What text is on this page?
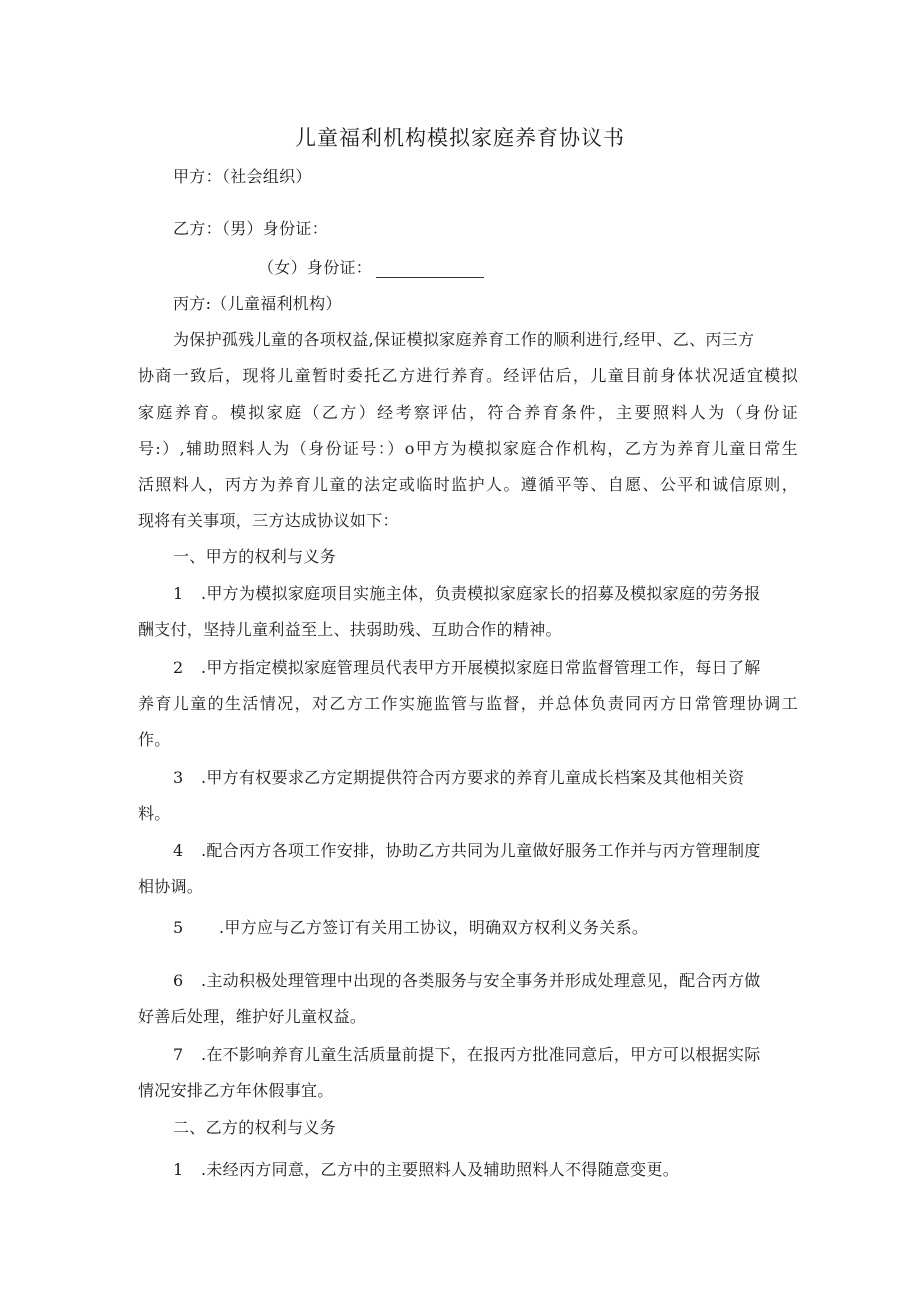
儿童福利机构模拟家庭养育协议书
甲方：（社会组织）
乙方：（男）身份证：
（女）身份证：
丙方:（儿童福利机构）
为保护孤残儿童的各项权益,保证模拟家庭养育工作的顺利进行,经甲、乙、丙三方
协商一致后，现将儿童暂时委托乙方进行养育。经评估后，儿童目前身体状况适宜模拟
家庭养育。模拟家庭（乙方）经考察评估，符合养育条件，主要照料人为（身份证
号:）,辅助照料人为（身份证号：）o甲方为模拟家庭合作机构，乙方为养育儿童日常生
活照料人，丙方为养育儿童的法定或临时监护人。遵循平等、自愿、公平和诚信原则，
现将有关事项，三方达成协议如下：
一、甲方的权利与义务
1 .甲方为模拟家庭项目实施主体，负责模拟家庭家长的招募及模拟家庭的劳务报
酬支付，坚持儿童利益至上、扶弱助残、互助合作的精神。
2 .甲方指定模拟家庭管理员代表甲方开展模拟家庭日常监督管理工作，每日了解
养育儿童的生活情况，对乙方工作实施监管与监督，并总体负责同丙方日常管理协调工
作。
3 .甲方有权要求乙方定期提供符合丙方要求的养育儿童成长档案及其他相关资
料。
4 .配合丙方各项工作安排，协助乙方共同为儿童做好服务工作并与丙方管理制度
相协调。
5 .甲方应与乙方签订有关用工协议，明确双方权利义务关系。
6 .主动积极处理管理中出现的各类服务与安全事务并形成处理意见，配合丙方做
好善后处理，维护好儿童权益。
7 .在不影响养育儿童生活质量前提下，在报丙方批准同意后，甲方可以根据实际
情况安排乙方年休假事宜。
二、乙方的权利与义务
1 .未经丙方同意，乙方中的主要照料人及辅助照料人不得随意变更。
